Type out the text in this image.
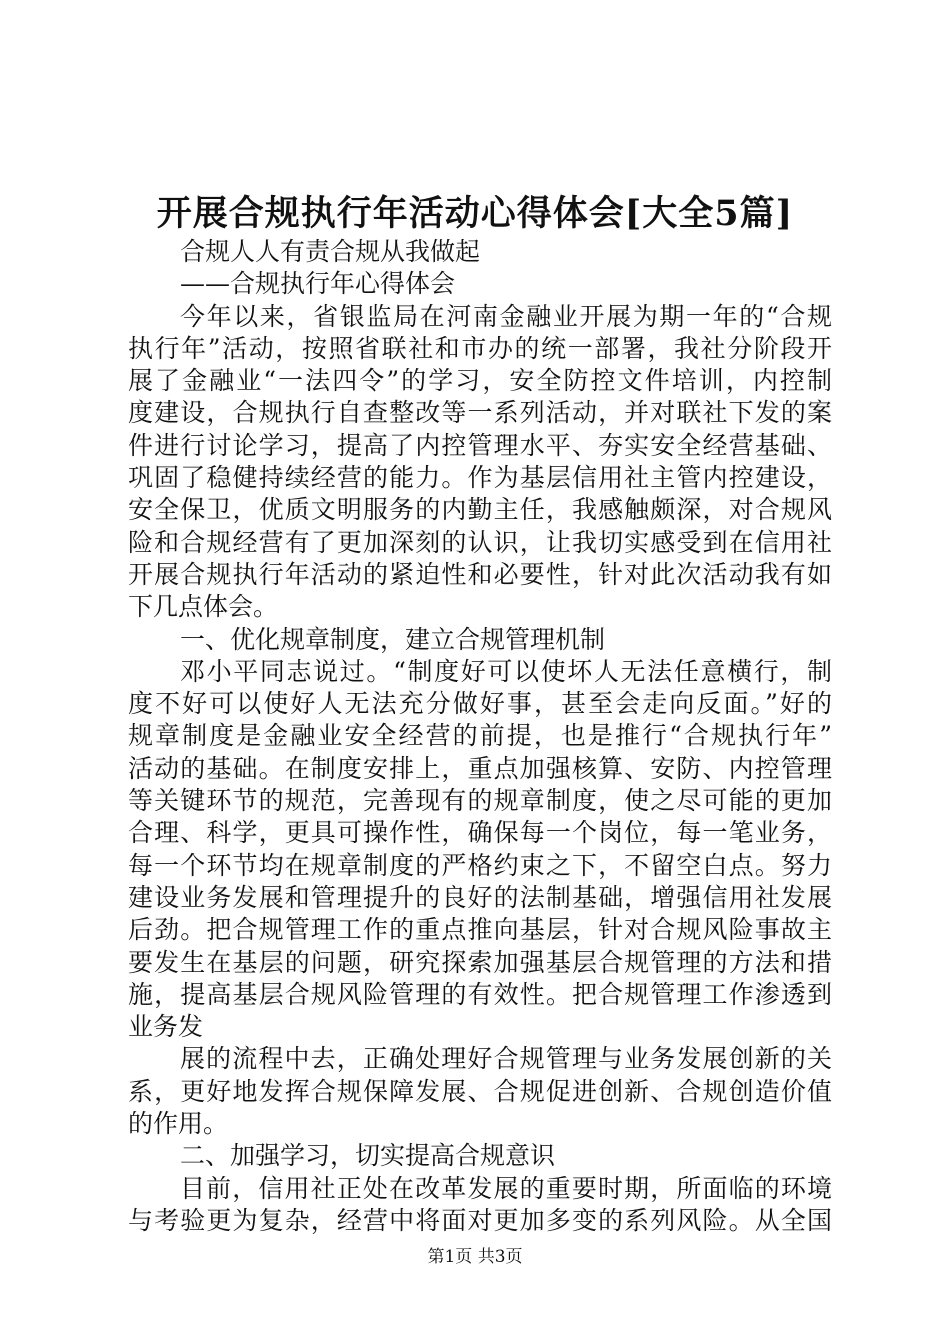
开展合规执行年活动心得体会[大全5篇]
合规人人有责合规从我做起
——合规执行年心得体会
今年以来，省银监局在河南金融业开展为期一年的“合规
执行年”活动，按照省联社和市办的统一部署，我社分阶段开
展了金融业“一法四令”的学习，安全防控文件培训，内控制
度建设，合规执行自查整改等一系列活动，并对联社下发的案
件进行讨论学习，提高了内控管理水平、夯实安全经营基础、
巩固了稳健持续经营的能力。作为基层信用社主管内控建设，
安全保卫，优质文明服务的内勤主任，我感触颇深，对合规风
险和合规经营有了更加深刻的认识，让我切实感受到在信用社
开展合规执行年活动的紧迫性和必要性，针对此次活动我有如
下几点体会。
一、优化规章制度，建立合规管理机制
邓小平同志说过。“制度好可以使坏人无法任意横行，制
度不好可以使好人无法充分做好事，甚至会走向反面。”好的
规章制度是金融业安全经营的前提，也是推行“合规执行年”
活动的基础。在制度安排上，重点加强核算、安防、内控管理
等关键环节的规范，完善现有的规章制度，使之尽可能的更加
合理、科学，更具可操作性，确保每一个岗位，每一笔业务，
每一个环节均在规章制度的严格约束之下，不留空白点。努力
建设业务发展和管理提升的良好的法制基础，增强信用社发展
后劲。把合规管理工作的重点推向基层，针对合规风险事故主
要发生在基层的问题，研究探索加强基层合规管理的方法和措
施，提高基层合规风险管理的有效性。把合规管理工作渗透到
业务发
展的流程中去，正确处理好合规管理与业务发展创新的关
系，更好地发挥合规保障发展、合规促进创新、合规创造价值
的作用。
二、加强学习，切实提高合规意识
目前，信用社正处在改革发展的重要时期，所面临的环境
与考验更为复杂，经营中将面对更加多变的系列风险。从全国
第1页 共3页
